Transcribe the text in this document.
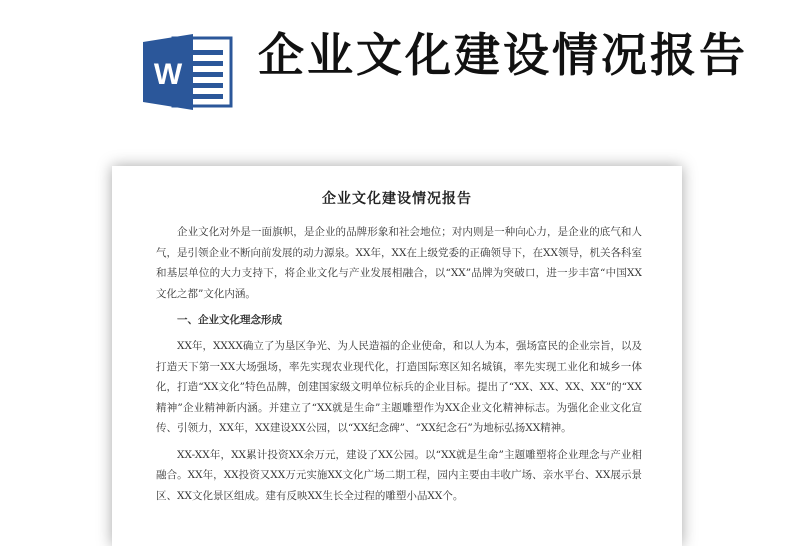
W 企业文化建设情况报告
企业文化建设情况报告

企业文化对外是一面旗帜，是企业的品牌形象和社会地位；对内则是一种向心力，是企业的底气和人气，是引领企业不断向前发展的动力源泉。XX年，XX在上级党委的正确领导下，在XX领导，机关各科室和基层单位的大力支持下，将企业文化与产业发展相融合，以“XX”品牌为突破口，进一步丰富“中国XX文化之都”文化内涵。

一、企业文化理念形成

XX年，XXXX确立了为垦区争光、为人民造福的企业使命，和以人为本，强场富民的企业宗旨，以及打造天下第一XX大场强场，率先实现农业现代化，打造国际寒区知名城镇，率先实现工业化和城乡一体化，打造“XX文化”特色品牌，创建国家级文明单位标兵的企业目标。提出了“XX、XX、XX、XX”的“XX精神”企业精神新内涵。并建立了“XX就是生命”主题雕塑作为XX企业文化精神标志。为强化企业文化宣传、引领力，XX年，XX建设XX公园，以“XX纪念碑”、“XX纪念石”为地标弘扬XX精神。

XX-XX年，XX累计投资XX余万元，建设了XX公园。以“XX就是生命”主题雕塑将企业理念与产业相融合。XX年，XX投资又XX万元实施XX文化广场二期工程，园内主要由丰收广场、亲水平台、XX展示景区、XX文化景区组成。建有反映XX生长全过程的雕塑小品XX个。
